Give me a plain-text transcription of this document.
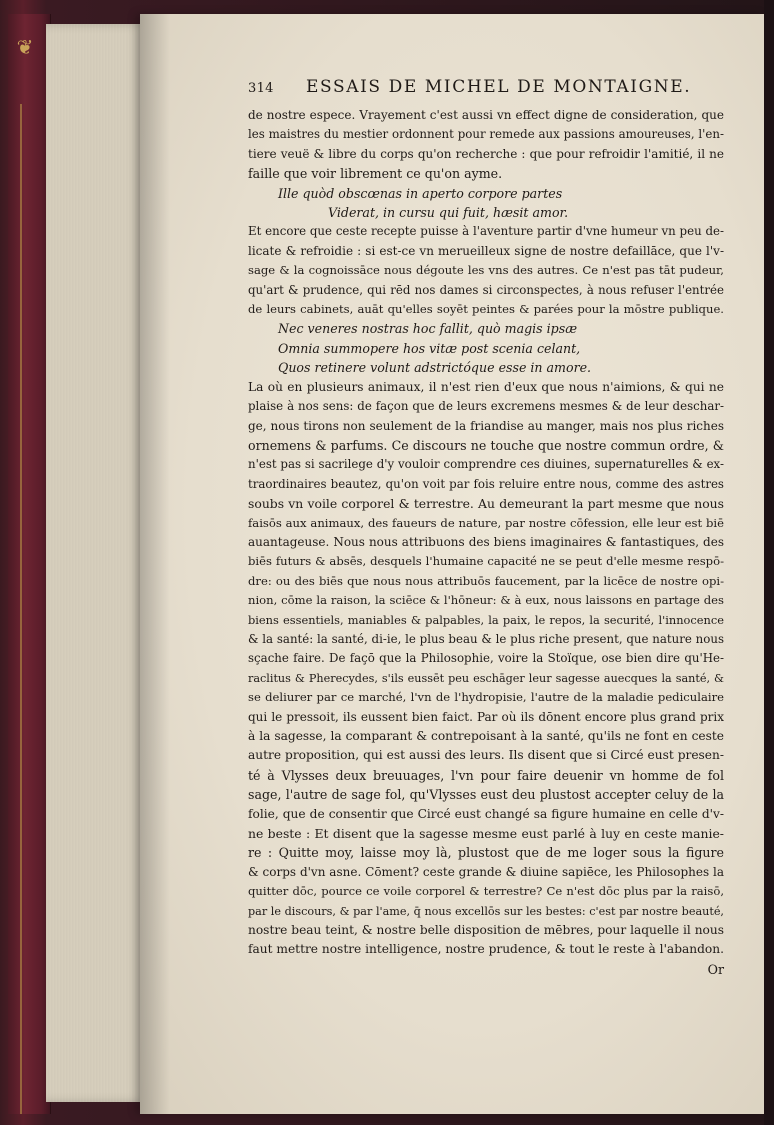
❦
314	ESSAIS DE MICHEL DE MONTAIGNE.
de nostre espece. Vrayement c'est aussi vn effect digne de consideration, que
les maistres du mestier ordonnent pour remede aux passions amoureuses, l'en-
tiere veuë & libre du corps qu'on recherche : que pour refroidir l'amitié, il ne
faille que voir librement ce qu'on ayme.
Ille quòd obscœnas in aperto corpore partes
Viderat, in cursu qui fuit, hæsit amor.
Et encore que ceste recepte puisse à l'aventure partir d'vne humeur vn peu de-
licate & refroidie : si est-ce vn merueilleux signe de nostre defaillāce, que l'v-
sage & la cognoissāce nous dégoute les vns des autres. Ce n'est pas tāt pudeur,
qu'art & prudence, qui rēd nos dames si circonspectes, à nous refuser l'entrée
de leurs cabinets, auāt qu'elles soyēt peintes & parées pour la mōstre publique.
Nec veneres nostras hoc fallit, quò magis ipsæ
Omnia summopere hos vitæ post scenia celant,
Quos retinere volunt adstrictóque esse in amore.
La où en plusieurs animaux, il n'est rien d'eux que nous n'aimions, & qui ne
plaise à nos sens: de façon que de leurs excremens mesmes & de leur deschar-
ge, nous tirons non seulement de la friandise au manger, mais nos plus riches
ornemens & parfums. Ce discours ne touche que nostre commun ordre, &
n'est pas si sacrilege d'y vouloir comprendre ces diuines, supernaturelles & ex-
traordinaires beautez, qu'on voit par fois reluire entre nous, comme des astres
soubs vn voile corporel & terrestre. Au demeurant la part mesme que nous
faisōs aux animaux, des faueurs de nature, par nostre cōfession, elle leur est biē
auantageuse. Nous nous attribuons des biens imaginaires & fantastiques, des
biēs futurs & absēs, desquels l'humaine capacité ne se peut d'elle mesme respō-
dre: ou des biēs que nous nous attribuōs faucement, par la licēce de nostre opi-
nion, cōme la raison, la sciēce & l'hōneur: & à eux, nous laissons en partage des
biens essentiels, maniables & palpables, la paix, le repos, la securité, l'innocence
& la santé: la santé, di-ie, le plus beau & le plus riche present, que nature nous
sçache faire. De façō que la Philosophie, voire la Stoïque, ose bien dire qu'He-
raclitus & Pherecydes, s'ils eussēt peu eschāger leur sagesse auecques la santé, &
se deliurer par ce marché, l'vn de l'hydropisie, l'autre de la maladie pediculaire
qui le pressoit, ils eussent bien faict. Par où ils dōnent encore plus grand prix
à la sagesse, la comparant & contrepoisant à la santé, qu'ils ne font en ceste
autre proposition, qui est aussi des leurs. Ils disent que si Circé eust presen-
té à Vlysses deux breuuages, l'vn pour faire deuenir vn homme de fol
sage, l'autre de sage fol, qu'Vlysses eust deu plustost accepter celuy de la
folie, que de consentir que Circé eust changé sa figure humaine en celle d'v-
ne beste : Et disent que la sagesse mesme eust parlé à luy en ceste manie-
re : Quitte moy, laisse moy là, plustost que de me loger sous la figure
& corps d'vn asne. Cōment? ceste grande & diuine sapiēce, les Philosophes la
quitter dōc, pource ce voile corporel & terrestre? Ce n'est dōc plus par la raisō,
par le discours, & par l'ame, q̄ nous excellōs sur les bestes: c'est par nostre beauté,
nostre beau teint, & nostre belle disposition de mēbres, pour laquelle il nous
faut mettre nostre intelligence, nostre prudence, & tout le reste à l'abandon.
Or
